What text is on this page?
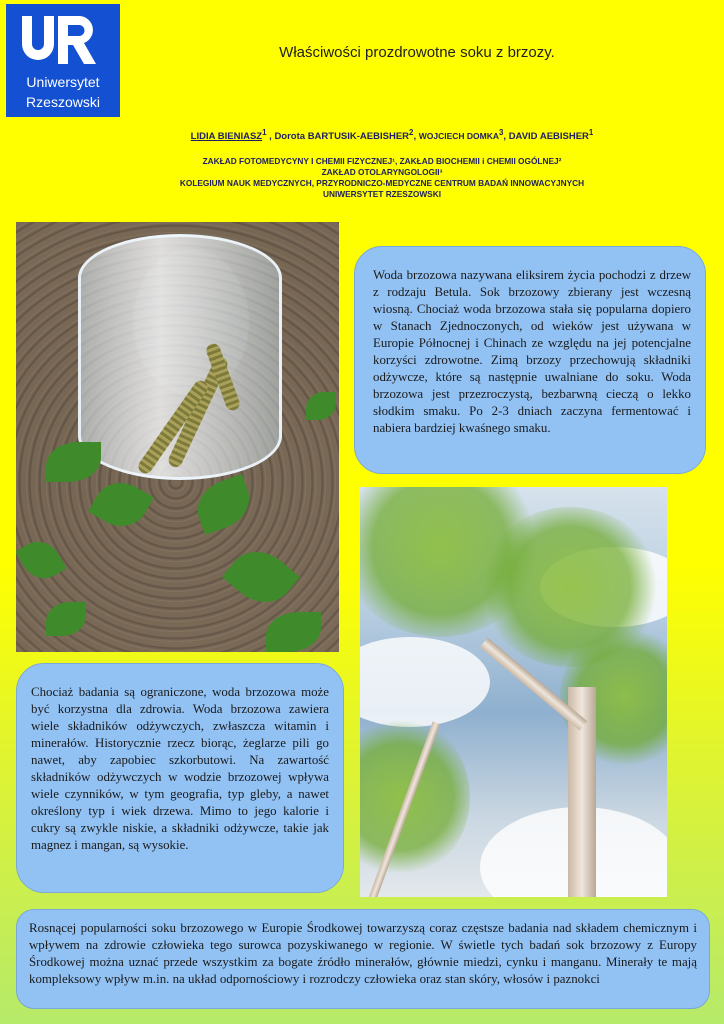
Uniwersytet
Rzeszowski
Właściwości prozdrowotne soku z brzozy.
LIDIA BIENIASZ$^1$ , Dorota BARTUSIK-AEBISHER$^2$, WOJCIECH DOMKA$^3$, DAVID AEBISHER$^1$
ZAKŁAD FOTOMEDYCYNY I CHEMII FIZYCZNEJ¹, ZAKŁAD BIOCHEMII i CHEMII OGÓLNEJ²
ZAKŁAD OTOLARYNGOLOGII³
KOLEGIUM NAUK MEDYCZNYCH, PRZYRODNICZO-MEDYCZNE CENTRUM BADAŃ INNOWACYJNYCH
UNIWERSYTET RZESZOWSKI
Woda brzozowa nazywana eliksirem życia pochodzi z drzew z rodzaju Betula. Sok brzozowy zbierany jest wczesną wiosną. Chociaż woda brzozowa stała się popularna dopiero w Stanach Zjednoczonych, od wieków jest używana w Europie Północnej i Chinach ze względu na jej potencjalne korzyści zdrowotne. Zimą brzozy przechowują składniki odżywcze, które są następnie uwalniane do soku. Woda brzozowa jest przezroczystą, bezbarwną cieczą o lekko słodkim smaku. Po 2-3 dniach zaczyna fermentować i nabiera bardziej kwaśnego smaku.
Chociaż badania są ograniczone, woda brzozowa może być korzystna dla zdrowia. Woda brzozowa zawiera wiele składników odżywczych, zwłaszcza witamin i minerałów. Historycznie rzecz biorąc, żeglarze pili go nawet, aby zapobiec szkorbutowi. Na zawartość składników odżywczych w wodzie brzozowej wpływa wiele czynników, w tym geografia, typ gleby, a nawet określony typ i wiek drzewa. Mimo to jego kalorie i cukry są zwykle niskie, a składniki odżywcze, takie jak magnez i mangan, są wysokie.
Rosnącej popularności soku brzozowego w Europie Środkowej towarzyszą coraz częstsze badania nad składem chemicznym i wpływem na zdrowie człowieka tego surowca pozyskiwanego w regionie. W świetle tych badań sok brzozowy z Europy Środkowej można uznać przede wszystkim za bogate źródło minerałów, głównie miedzi, cynku i manganu. Minerały te mają kompleksowy wpływ m.in. na układ odpornościowy i rozrodczy człowieka oraz stan skóry, włosów i paznokci
